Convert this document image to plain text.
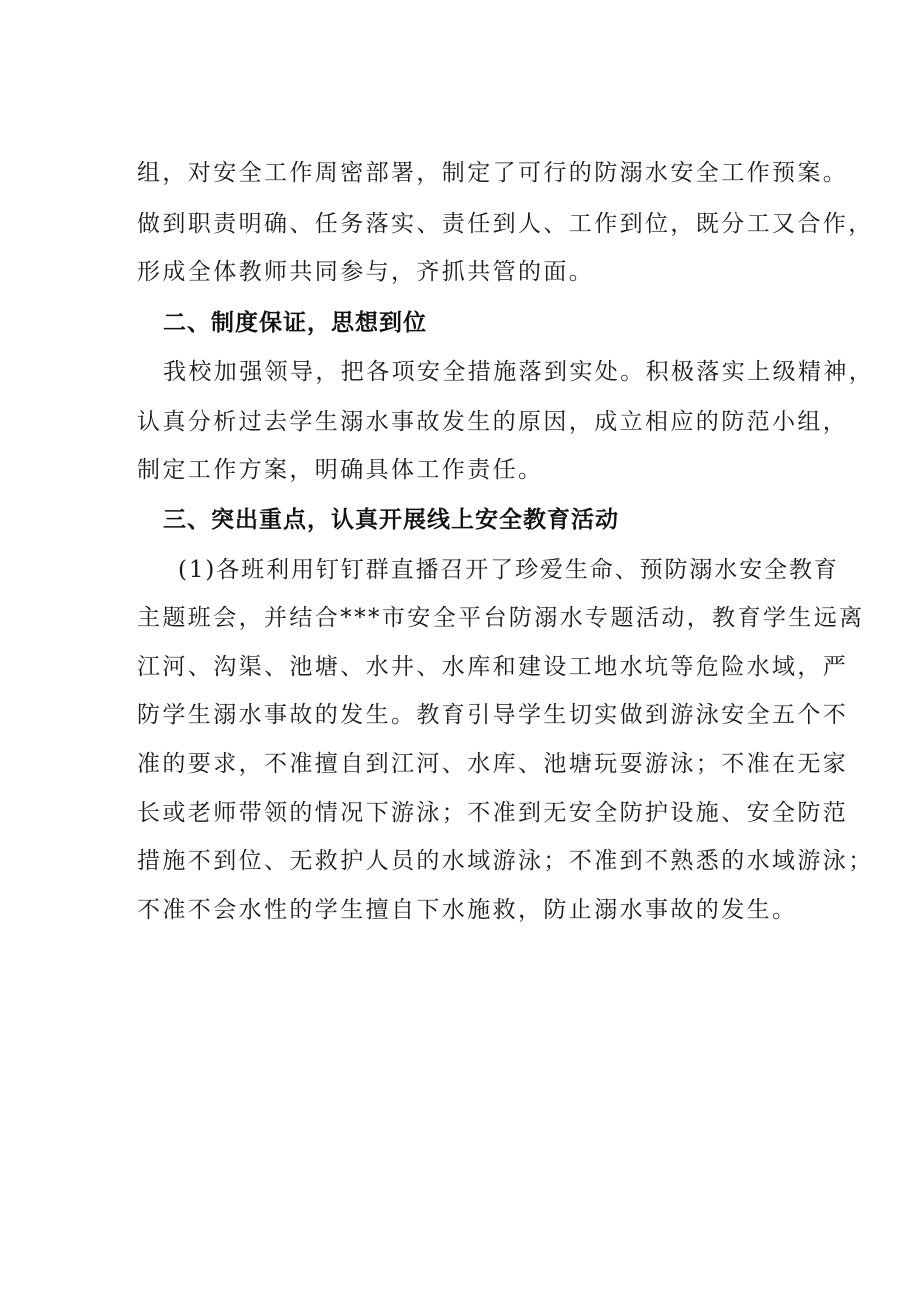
组，对安全工作周密部署，制定了可行的防溺水安全工作预案。
做到职责明确、任务落实、责任到人、工作到位，既分工又合作，
形成全体教师共同参与，齐抓共管的面。
二、制度保证，思想到位
我校加强领导，把各项安全措施落到实处。积极落实上级精神，
认真分析过去学生溺水事故发生的原因，成立相应的防范小组，
制定工作方案，明确具体工作责任。
三、突出重点，认真开展线上安全教育活动
(1)各班利用钉钉群直播召开了珍爱生命、预防溺水安全教育
主题班会，并结合***市安全平台防溺水专题活动，教育学生远离
江河、沟渠、池塘、水井、水库和建设工地水坑等危险水域，严
防学生溺水事故的发生。教育引导学生切实做到游泳安全五个不
准的要求，不准擅自到江河、水库、池塘玩耍游泳；不准在无家
长或老师带领的情况下游泳；不准到无安全防护设施、安全防范
措施不到位、无救护人员的水域游泳；不准到不熟悉的水域游泳；
不准不会水性的学生擅自下水施救，防止溺水事故的发生。
